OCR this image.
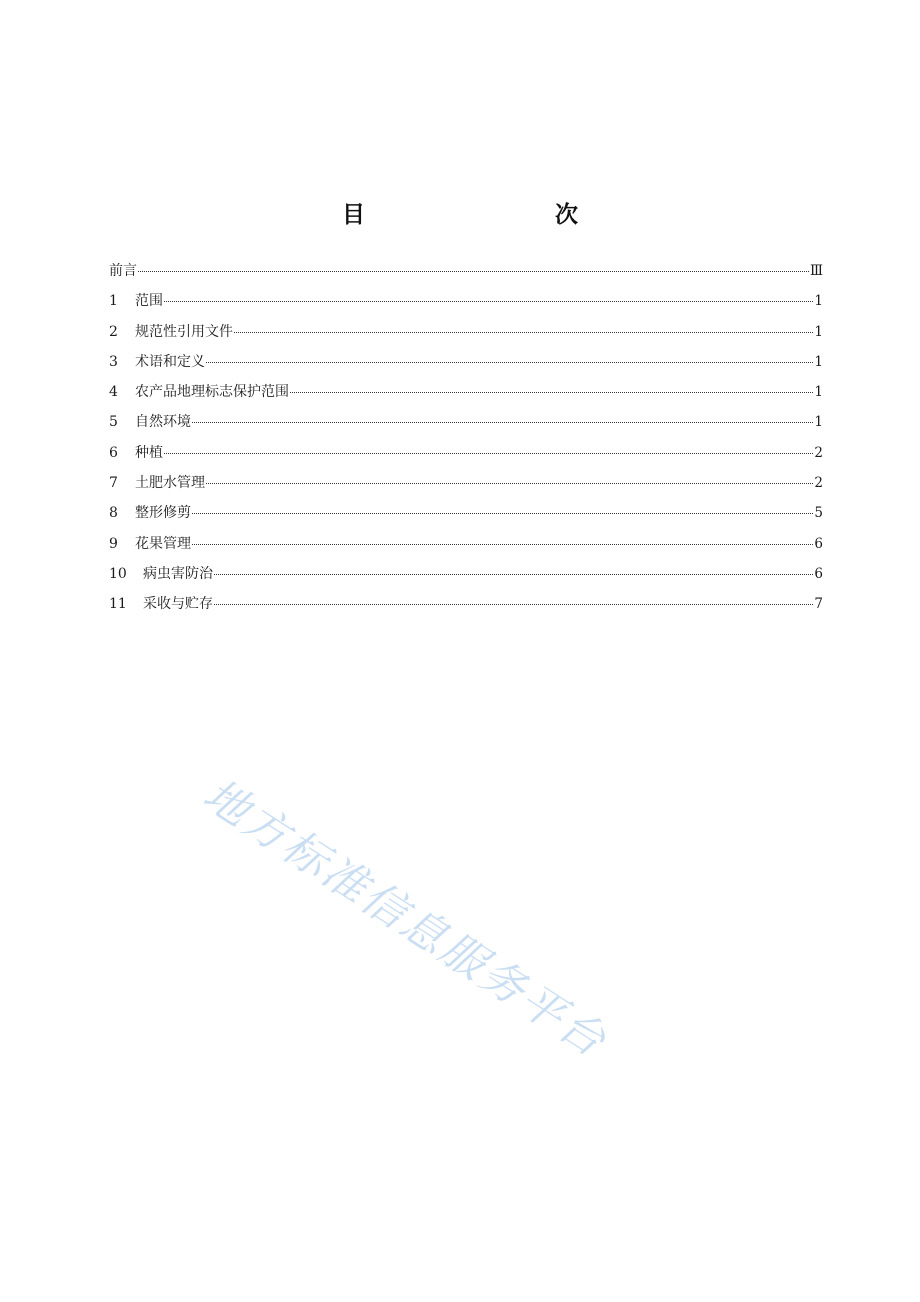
目　　次
前言	Ⅲ
1	范围	1
2	规范性引用文件	1
3	术语和定义	1
4	农产品地理标志保护范围	1
5	自然环境	1
6	种植	2
7	土肥水管理	2
8	整形修剪	5
9	花果管理	6
10	病虫害防治	6
11	采收与贮存	7
地方标准信息服务平台
